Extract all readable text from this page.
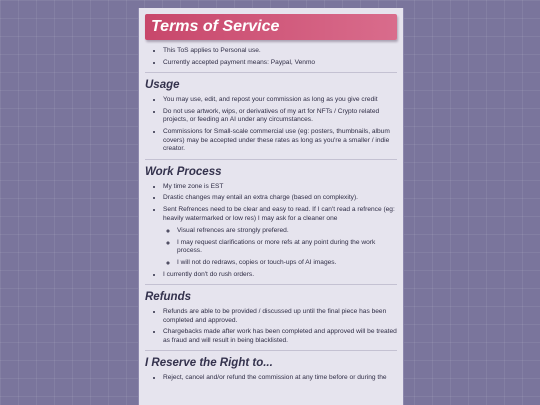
Terms of Service
• This ToS applies to Personal use.
• Currently accepted payment means: Paypal, Venmo
Usage
• You may use, edit, and repost your commission as long as you give credit
• Do not use artwork, wips, or derivatives of my art for NFTs / Crypto related projects, or feeding an AI under any circumstances.
• Commissions for Small-scale commercial use (eg: posters, thumbnails, album covers) may be accepted under these rates as long as you're a smaller / indie creator.
Work Process
• My time zone is EST
• Drastic changes may entail an extra charge (based on complexity).
• Sent Refrences need to be clear and easy to read. If I can't read a refrence (eg: heavily watermarked or low res) I may ask for a cleaner one
◦ Visual refrences are strongly prefered.
◦ I may request clarifications or more refs at any point during the work process.
◦ I will not do redraws, copies or touch-ups of AI images.
• I currently don't do rush orders.
Refunds
• Refunds are able to be provided / discussed up until the final piece has been completed and approved.
• Chargebacks made after work has been completed and approved will be treated as fraud and will result in being blacklisted.
I Reserve the Right to...
• Reject, cancel and/or refund the commission at any time before or during the
